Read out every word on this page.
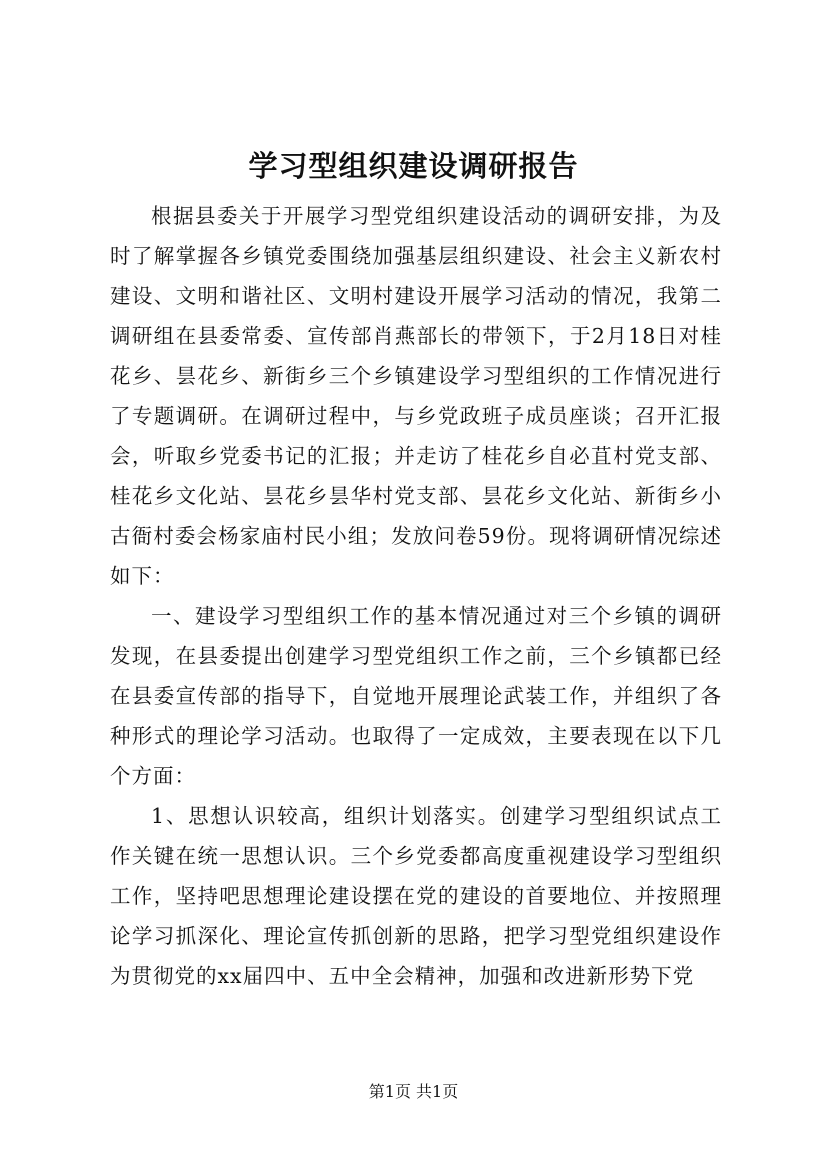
学习型组织建设调研报告

根据县委关于开展学习型党组织建设活动的调研安排，为及时了解掌握各乡镇党委围绕加强基层组织建设、社会主义新农村建设、文明和谐社区、文明村建设开展学习活动的情况，我第二调研组在县委常委、宣传部肖燕部长的带领下，于2月18日对桂花乡、昙花乡、新街乡三个乡镇建设学习型组织的工作情况进行了专题调研。在调研过程中，与乡党政班子成员座谈；召开汇报会，听取乡党委书记的汇报；并走访了桂花乡自必苴村党支部、桂花乡文化站、昙花乡昙华村党支部、昙花乡文化站、新街乡小古衙村委会杨家庙村民小组；发放问卷59份。现将调研情况综述如下：

一、建设学习型组织工作的基本情况通过对三个乡镇的调研发现，在县委提出创建学习型党组织工作之前，三个乡镇都已经在县委宣传部的指导下，自觉地开展理论武装工作，并组织了各种形式的理论学习活动。也取得了一定成效，主要表现在以下几个方面：

1、思想认识较高，组织计划落实。创建学习型组织试点工作关键在统一思想认识。三个乡党委都高度重视建设学习型组织工作，坚持吧思想理论建设摆在党的建设的首要地位、并按照理论学习抓深化、理论宣传抓创新的思路，把学习型党组织建设作为贯彻党的xx届四中、五中全会精神，加强和改进新形势下党

第1页 共1页
